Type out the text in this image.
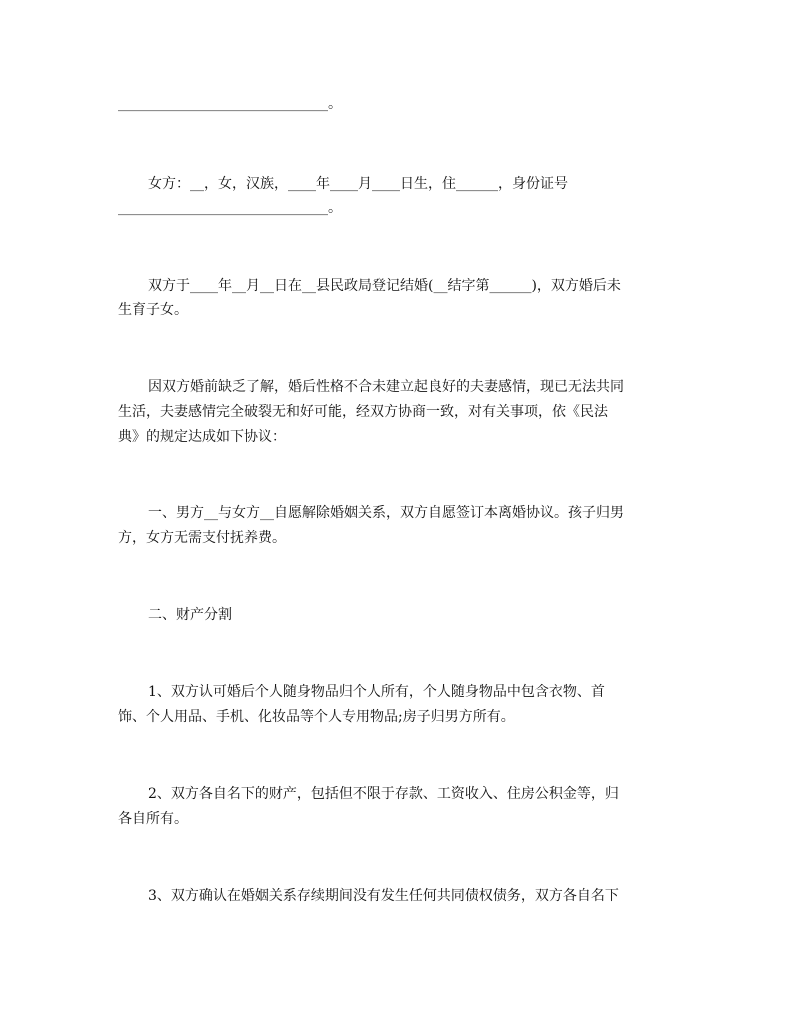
______________________________。
女方：__，女，汉族，____年____月____日生，住______，身份证号
______________________________。
双方于____年__月__日在__县民政局登记结婚(__结字第______)，双方婚后未
生育子女。
因双方婚前缺乏了解，婚后性格不合未建立起良好的夫妻感情，现已无法共同
生活，夫妻感情完全破裂无和好可能，经双方协商一致，对有关事项，依《民法
典》的规定达成如下协议：
一、男方__与女方__自愿解除婚姻关系，双方自愿签订本离婚协议。孩子归男
方，女方无需支付抚养费。
二、财产分割
1、双方认可婚后个人随身物品归个人所有，个人随身物品中包含衣物、首
饰、个人用品、手机、化妆品等个人专用物品;房子归男方所有。
2、双方各自名下的财产，包括但不限于存款、工资收入、住房公积金等，归
各自所有。
3、双方确认在婚姻关系存续期间没有发生任何共同债权债务，双方各自名下
